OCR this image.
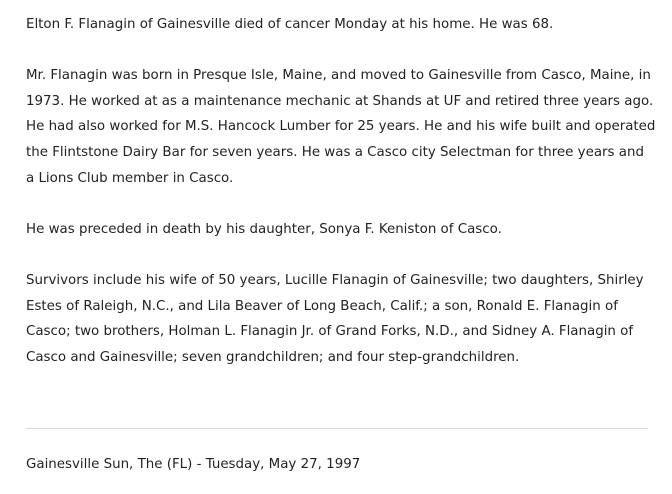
Elton F. Flanagin of Gainesville died of cancer Monday at his home. He was 68.

Mr. Flanagin was born in Presque Isle, Maine, and moved to Gainesville from Casco, Maine, in 1973. He worked at as a maintenance mechanic at Shands at UF and retired three years ago. He had also worked for M.S. Hancock Lumber for 25 years. He and his wife built and operated the Flintstone Dairy Bar for seven years. He was a Casco city Selectman for three years and a Lions Club member in Casco.

He was preceded in death by his daughter, Sonya F. Keniston of Casco.

Survivors include his wife of 50 years, Lucille Flanagin of Gainesville; two daughters, Shirley Estes of Raleigh, N.C., and Lila Beaver of Long Beach, Calif.; a son, Ronald E. Flanagin of Casco; two brothers, Holman L. Flanagin Jr. of Grand Forks, N.D., and Sidney A. Flanagin of Casco and Gainesville; seven grandchildren; and four step-grandchildren.

Gainesville Sun, The (FL) - Tuesday, May 27, 1997
